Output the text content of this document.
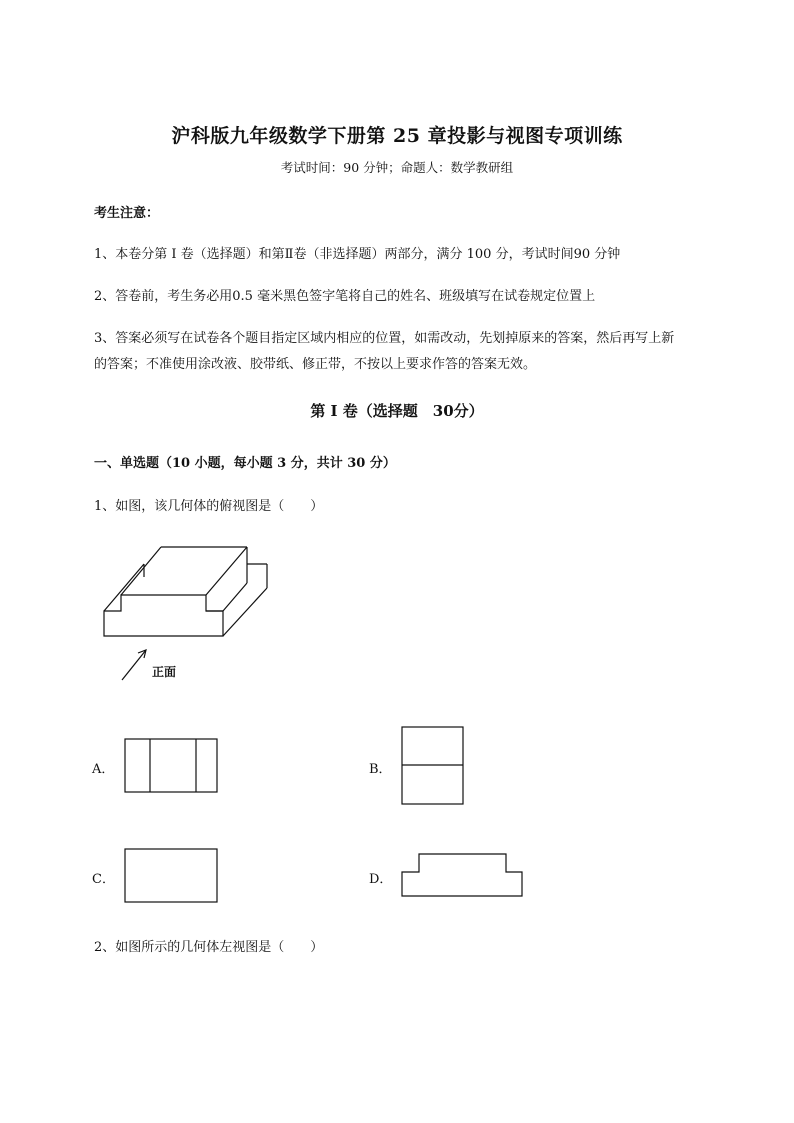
沪科版九年级数学下册第 25 章投影与视图专项训练
考试时间：90 分钟；命题人：数学教研组
考生注意：
1、本卷分第 I 卷（选择题）和第Ⅱ卷（非选择题）两部分，满分 100 分，考试时间90 分钟
2、答卷前，考生务必用0.5 毫米黑色签字笔将自己的姓名、班级填写在试卷规定位置上
3、答案必须写在试卷各个题目指定区域内相应的位置，如需改动，先划掉原来的答案，然后再写上新
的答案；不准使用涂改液、胶带纸、修正带，不按以上要求作答的答案无效。
第 I 卷（选择题　30分）
一、单选题（10 小题，每小题 3 分，共计 30 分）
1、如图，该几何体的俯视图是（　　）
正面
A．	B．
C．	D．
2、如图所示的几何体左视图是（　　）
